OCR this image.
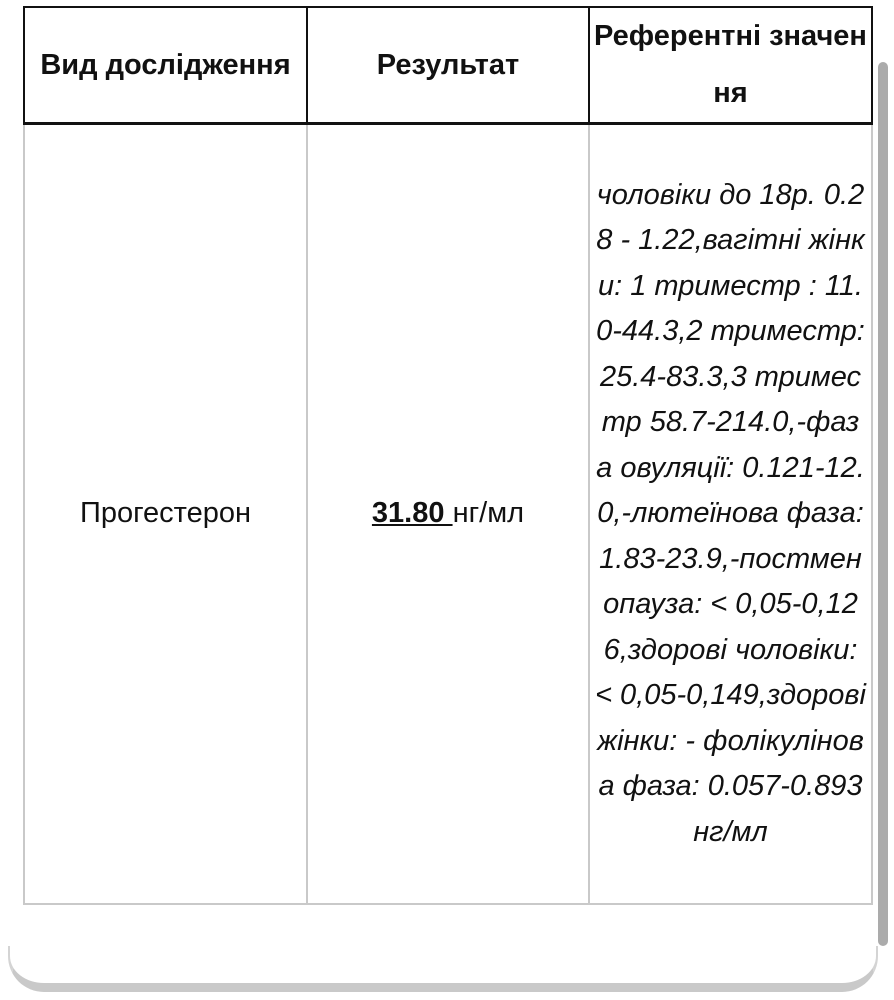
Вид дослідження	Результат	Референтні значення
Прогестерон	31.80 нг/мл	чоловіки до 18р. 0.28 - 1.22,вагітні жінки: 1 триместр : 11.0-44.3,2 триместр: 25.4-83.3,3 триместр 58.7-214.0,-фаза овуляції: 0.121-12.0,-лютеїнова фаза: 1.83-23.9,-постменопауза: < 0,05-0,126,здорові чоловіки: < 0,05-0,149,здорові жінки: - фолікулінова фаза: 0.057-0.893 нг/мл
